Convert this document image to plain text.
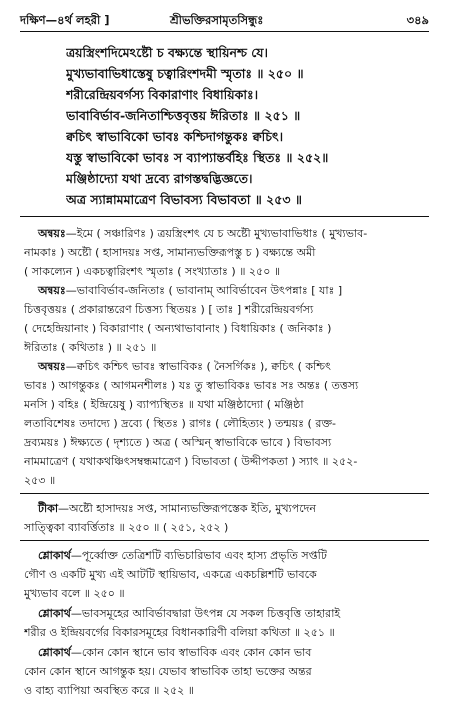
দক্ষিণ—৪র্থ লহরী ]	শ্রীভক্তিরসামৃতসিন্ধুঃ	৩৪৯
ত্রয়স্ত্রিংশদিমেঽষ্টৌ চ বক্ষ্যন্তে স্থায়িনশ্চ যে।
মুখ্যভাবাভিধাস্তেষু চত্বারিংশদমী স্মৃতাঃ ॥ ২৫০ ॥
শরীরেন্দ্রিয়বর্গস্য বিকারাণাং বিধায়িকাঃ।
ভাবাবির্ভাব-জনিতাশ্চিত্তবৃত্তয় ঈরিতাঃ ॥ ২৫১ ॥
ক্বচিৎ স্বাভাবিকো ভাবঃ কশ্চিদাগন্তুকঃ ক্বচিৎ।
যস্তু স্বাভাবিকো ভাবঃ স ব্যাপ্যান্তর্বহিঃ স্থিতঃ ॥ ২৫২॥
মঞ্জিষ্ঠাদ্যো যথা দ্রব্যে রাগস্তদ্বদ্ভিজ্ঞতে।
অত্র স্যান্নামমাত্রেণ বিভাবস্য বিভাবতা ॥ ২৫৩ ॥
অন্বয়ঃ—ইমে ( সঞ্চারিণঃ ) ত্রয়স্ত্রিংশৎ যে চ অষ্টৌ মুখ্যভাবাভিধাঃ ( মুখ্যভাব-
নামকাঃ ) অষ্টৌ ( হাসাদয়ঃ সপ্ত, সামান্যভক্তিরূপস্তু চ ) বক্ষ্যন্তে অমী
( সাকল্যেন ) একচত্বারিংশৎ স্মৃতাঃ ( সংখ্যাতাঃ ) ॥ ২৫০ ॥
অন্বয়ঃ—ভাবাবির্ভাব-জনিতাঃ ( ভাবানাম্ আবির্ভাবেন উৎপন্নাঃ [ যাঃ ]
চিত্তবৃত্তয়ঃ ( প্রকারান্তরেণ চিত্তস্য স্থিতয়ঃ ) [ তাঃ ] শরীরেন্দ্রিয়বর্গস্য
( দেহেন্দ্রিয়ানাং ) বিকারাণাং ( অন্যথাভাবানাং ) বিধায়িকাঃ ( জনিকাঃ )
ঈরিতাঃ ( কথিতাঃ ) ॥ ২৫১ ॥
অন্বয়ঃ—ক্বচিৎ কশ্চিৎ ভাবঃ স্বাভাবিকঃ ( নৈসর্গিকঃ ), ক্বচিৎ ( কশ্চিৎ
ভাবঃ ) আগন্তুকঃ ( আগমনশীলঃ ) যঃ তু স্বাভাবিকঃ ভাবঃ সঃ অন্তঃ ( তত্তস্য
মনসি ) বহিঃ ( ইন্দ্রিয়েষু ) ব্যাপ্যস্থিতঃ ॥ যথা মঞ্জিষ্ঠাদ্যো ( মঞ্জিষ্ঠা
লতাবিশেষঃ তদাদ্যে ) দ্রব্যে ( স্থিতঃ ) রাগঃ ( লৌহিত্যং ) তন্ময়ঃ ( রক্ত-
দ্রব্যময়ঃ ) ঈক্ষ্যতে ( দৃশ্যতে ) অত্র ( অস্মিন্ স্বাভাবিকে ভাবে ) বিভাবস্য
নামমাত্রেণ ( যথাকথঞ্চিৎসম্বন্ধমাত্রেণ ) বিভাবতা ( উদ্দীপকতা ) স্যাৎ ॥ ২৫২-
২৫৩ ॥
টীকা—অষ্টৌ হাসাদয়ঃ সপ্ত, সামান্যভক্তিরূপস্তেক ইতি, মুখ্যপদেন
সাত্ত্বিকা ব্যাবর্ত্তিতাঃ ॥ ২৫০ ॥ ( ২৫১, ২৫২ )
শ্লোকার্থ—পূর্ব্বোক্ত তেত্রিশটি ব্যভিচারিভাব এবং হাস্য প্রভৃতি সপ্তটি
গৌণ ও একটি মুখ্য এই আটটি স্থায়িভাব, একত্রে একচল্লিশটি ভাবকে
মুখ্যভাব বলে ॥ ২৫০ ॥
শ্লোকার্থ—ভাবসমূহের আবির্ভাবদ্বারা উৎপন্ন যে সকল চিত্তবৃত্তি তাহারাই
শরীর ও ইন্দ্রিয়বর্গের বিকারসমূহের বিধানকারিণী বলিয়া কথিতা ॥ ২৫১ ॥
শ্লোকার্থ—কোন কোন স্থানে ভাব স্বাভাবিক এবং কোন কোন ভাব
কোন কোন স্থানে আগন্তুক হয়। যেভাব স্বাভাবিক তাহা ভক্তের অন্তর
ও বাহ্য ব্যাপিয়া অবস্থিত করে ॥ ২৫২ ॥
